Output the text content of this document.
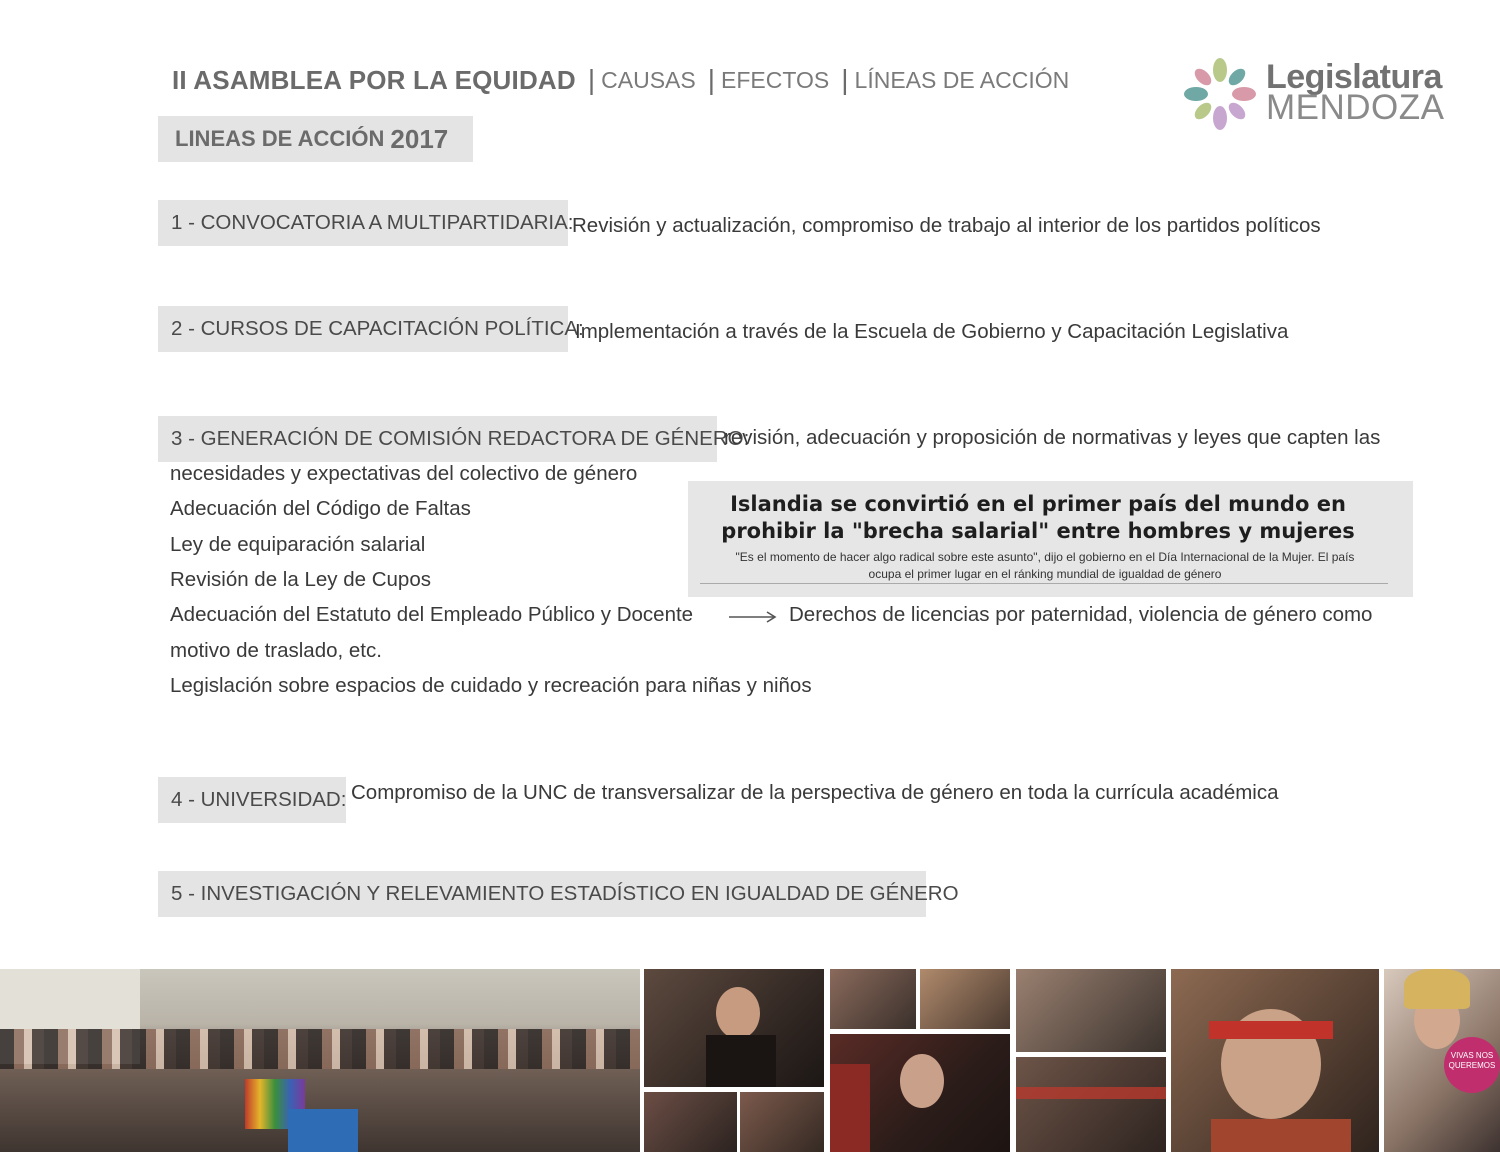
II ASAMBLEA POR LA EQUIDAD | CAUSAS | EFECTOS | LÍNEAS DE ACCIÓN	Legislatura
MENDOZA
LINEAS DE ACCIÓN 2017
1 - CONVOCATORIA A MULTIPARTIDARIA:
Revisión y actualización, compromiso de trabajo al interior de los partidos políticos
2 - CURSOS DE CAPACITACIÓN POLÍTICA:
Implementación a través de la Escuela de Gobierno y Capacitación Legislativa
3 - GENERACIÓN DE COMISIÓN REDACTORA DE GÉNERO:
revisión, adecuación y proposición de normativas y leyes que capten las
necesidades y expectativas del colectivo de género
Adecuación del Código de Faltas
Ley de equiparación salarial
Revisión de la Ley de Cupos
Adecuación del Estatuto del Empleado Público y Docente	Derechos de licencias por paternidad, violencia de género como
motivo de traslado, etc.
Legislación sobre espacios de cuidado y recreación para niñas y niños
Islandia se convirtió en el primer país del mundo en
prohibir la "brecha salarial" entre hombres y mujeres
"Es el momento de hacer algo radical sobre este asunto", dijo el gobierno en el Día Internacional de la Mujer. El país
ocupa el primer lugar en el ránking mundial de igualdad de género
4 - UNIVERSIDAD: Compromiso de la UNC de transversalizar de la perspectiva de género en toda la currícula académica
5 - INVESTIGACIÓN Y RELEVAMIENTO ESTADÍSTICO EN IGUALDAD DE GÉNERO
VIVAS NOS QUEREMOS
